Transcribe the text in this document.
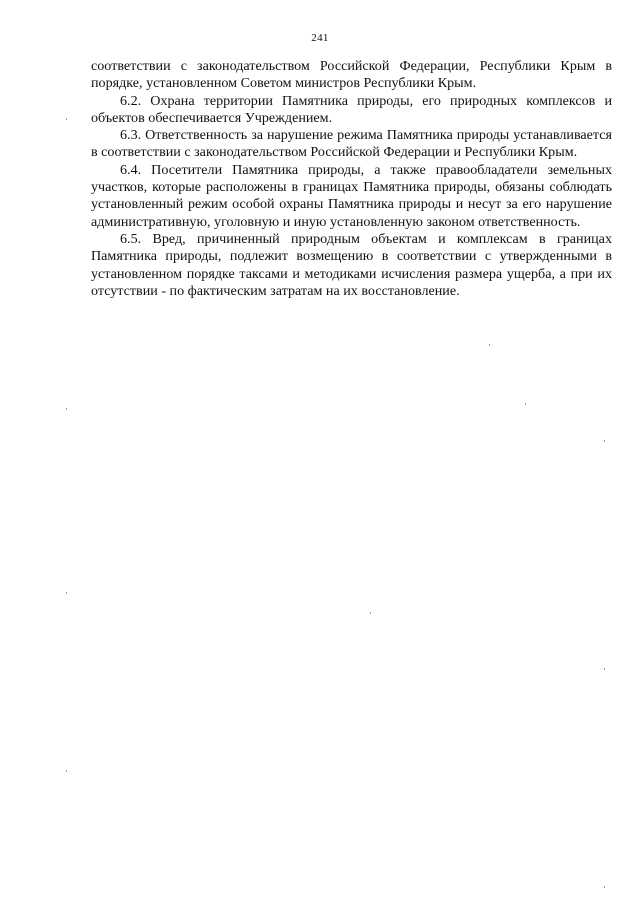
241

соответствии с законодательством Российской Федерации, Республики Крым в порядке, установленном Советом министров Республики Крым.

6.2. Охрана территории Памятника природы, его природных комплексов и объектов обеспечивается Учреждением.

6.3. Ответственность за нарушение режима Памятника природы устанавливается в соответствии с законодательством Российской Федерации и Республики Крым.

6.4. Посетители Памятника природы, а также правообладатели земельных участков, которые расположены в границах Памятника природы, обязаны соблюдать установленный режим особой охраны Памятника природы и несут за его нарушение административную, уголовную и иную установленную законом ответственность.

6.5. Вред, причиненный природным объектам и комплексам в границах Памятника природы, подлежит возмещению в соответствии с утвержденными в установленном порядке таксами и методиками исчисления размера ущерба, а при их отсутствии - по фактическим затратам на их восстановление.
